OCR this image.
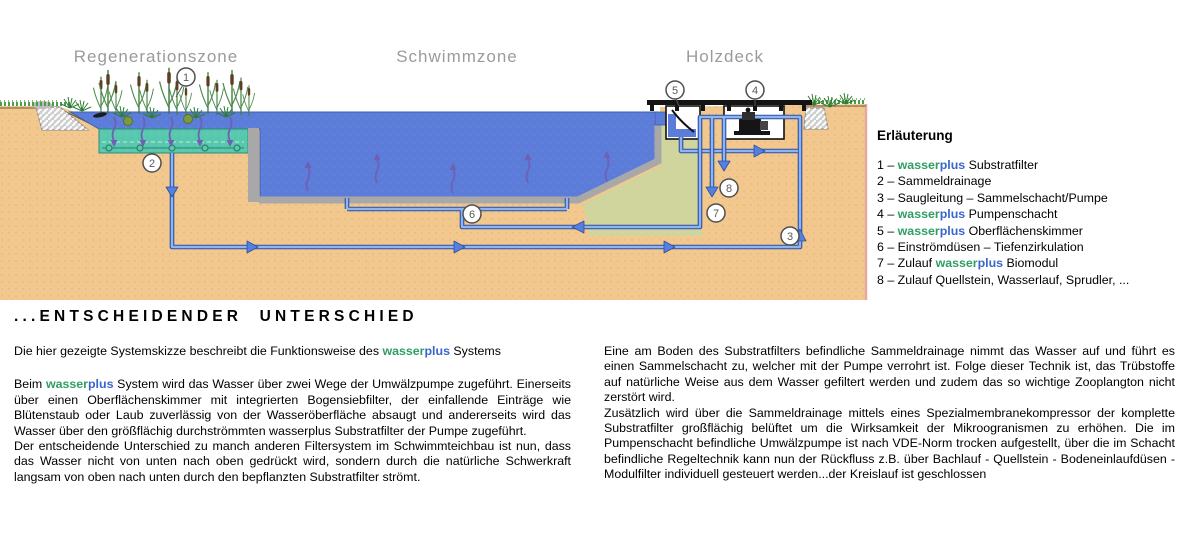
1
2
3
4
5
6	7
8
Regenerationszone	Schwimmzone	Holzdeck
Erläuterung
1 – wasserplus Substratfilter
2 – Sammeldrainage
3 – Saugleitung – Sammelschacht/Pumpe
4 – wasserplus Pumpenschacht
5 – wasserplus Oberflächenskimmer
6 – Einströmdüsen – Tiefenzirkulation
7 – Zulauf wasserplus Biomodul
8 – Zulauf Quellstein, Wasserlauf, Sprudler, ...
...ENTSCHEIDENDER UNTERSCHIED
Die hier gezeigte Systemskizze beschreibt die Funktionsweise des wasserplus Systems
Beim wasserplus System wird das Wasser über zwei Wege der Umwälzpumpe zugeführt. Einerseits über einen Oberflächenskimmer mit integrierten Bogensiebfilter, der einfallende Einträge wie Blütenstaub oder Laub zuverlässig von der Wasseröberfläche absaugt und andererseits wird das Wasser über den größflächig durchströmmten wasserplus Substratfilter der Pumpe zugeführt.
Der entscheidende Unterschied zu manch anderen Filtersystem im Schwimmteichbau ist nun, dass das Wasser nicht von unten nach oben gedrückt wird, sondern durch die natürliche Schwerkraft langsam von oben nach unten durch den bepflanzten Substratfilter strömt.
Eine am Boden des Substratfilters befindliche Sammeldrainage nimmt das Wasser auf und führt es einen Sammelschacht zu, welcher mit der Pumpe verrohrt ist. Folge dieser Technik ist, das Trübstoffe auf natürliche Weise aus dem Wasser gefiltert werden und zudem das so wichtige Zooplangton nicht zerstört wird.
Zusätzlich wird über die Sammeldrainage mittels eines Spezialmembranekompressor der komplette Substratfilter großflächig belüftet um die Wirksamkeit der Mikroogranismen zu erhöhen. Die im Pumpenschacht befindliche Umwälzpumpe ist nach VDE-Norm trocken aufgestellt, über die im Schacht befindliche Regeltechnik kann nun der Rückfluss z.B. über Bachlauf - Quellstein - Bodeneinlaufdüsen - Modulfilter individuell gesteuert werden...der Kreislauf ist geschlossen
